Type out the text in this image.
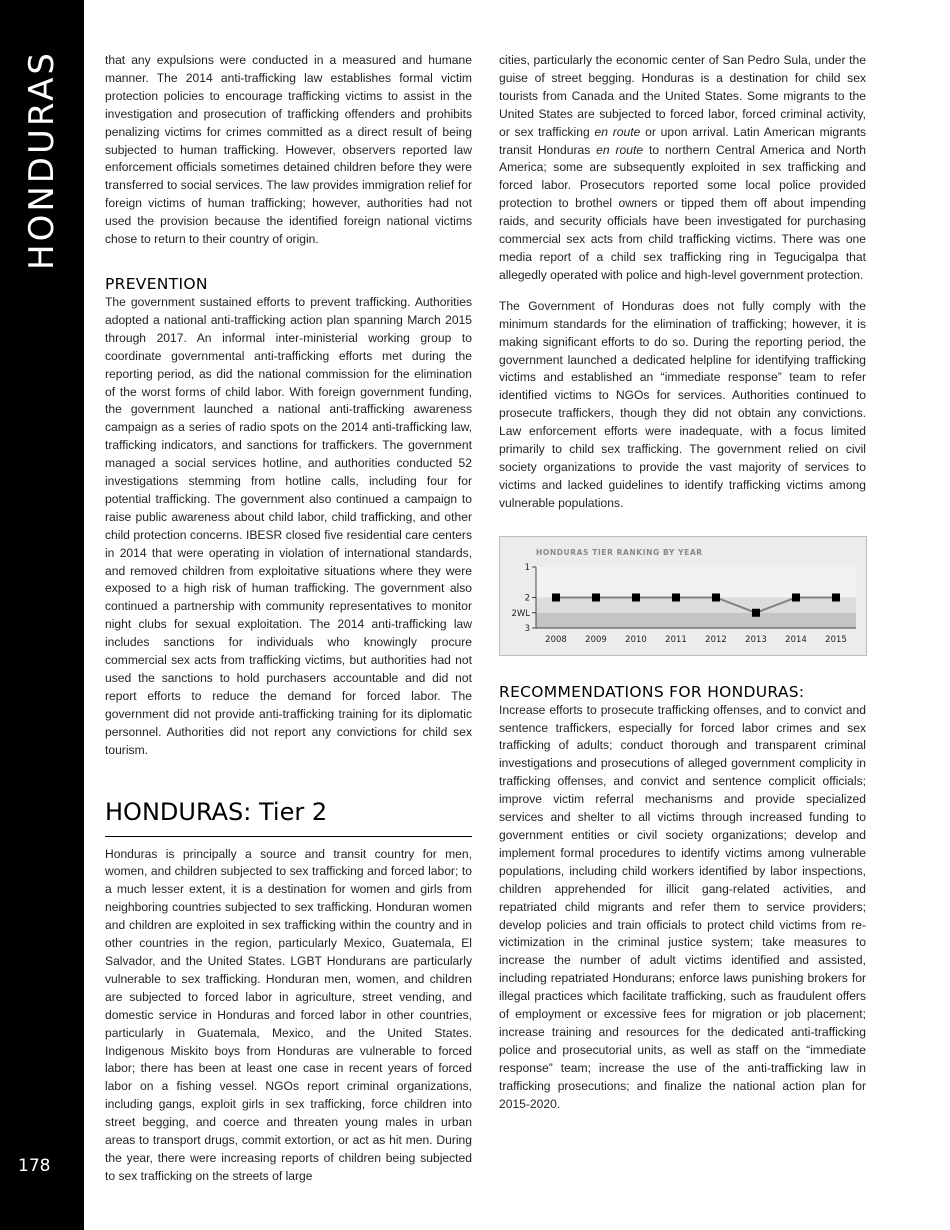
HONDURAS
178

that any expulsions were conducted in a measured and humane manner. The 2014 anti-trafficking law establishes formal victim protection policies to encourage trafficking victims to assist in the investigation and prosecution of trafficking offenders and prohibits penalizing victims for crimes committed as a direct result of being subjected to human trafficking. However, observers reported law enforcement officials sometimes detained children before they were transferred to social services. The law provides immigration relief for foreign victims of human trafficking; however, authorities had not used the provision because the identified foreign national victims chose to return to their country of origin.

PREVENTION

The government sustained efforts to prevent trafficking. Authorities adopted a national anti-trafficking action plan spanning March 2015 through 2017. An informal inter-ministerial working group to coordinate governmental anti-trafficking efforts met during the reporting period, as did the national commission for the elimination of the worst forms of child labor. With foreign government funding, the government launched a national anti-trafficking awareness campaign as a series of radio spots on the 2014 anti-trafficking law, trafficking indicators, and sanctions for traffickers. The government managed a social services hotline, and authorities conducted 52 investigations stemming from hotline calls, including four for potential trafficking. The government also continued a campaign to raise public awareness about child labor, child trafficking, and other child protection concerns. IBESR closed five residential care centers in 2014 that were operating in violation of international standards, and removed children from exploitative situations where they were exposed to a high risk of human trafficking. The government also continued a partnership with community representatives to monitor night clubs for sexual exploitation. The 2014 anti-trafficking law includes sanctions for individuals who knowingly procure commercial sex acts from trafficking victims, but authorities had not used the sanctions to hold purchasers accountable and did not report efforts to reduce the demand for forced labor. The government did not provide anti-trafficking training for its diplomatic personnel. Authorities did not report any convictions for child sex tourism.

HONDURAS: Tier 2

Honduras is principally a source and transit country for men, women, and children subjected to sex trafficking and forced labor; to a much lesser extent, it is a destination for women and girls from neighboring countries subjected to sex trafficking. Honduran women and children are exploited in sex trafficking within the country and in other countries in the region, particularly Mexico, Guatemala, El Salvador, and the United States. LGBT Hondurans are particularly vulnerable to sex trafficking. Honduran men, women, and children are subjected to forced labor in agriculture, street vending, and domestic service in Honduras and forced labor in other countries, particularly in Guatemala, Mexico, and the United States. Indigenous Miskito boys from Honduras are vulnerable to forced labor; there has been at least one case in recent years of forced labor on a fishing vessel. NGOs report criminal organizations, including gangs, exploit girls in sex trafficking, force children into street begging, and coerce and threaten young males in urban areas to transport drugs, commit extortion, or act as hit men. During the year, there were increasing reports of children being subjected to sex trafficking on the streets of large

cities, particularly the economic center of San Pedro Sula, under the guise of street begging. Honduras is a destination for child sex tourists from Canada and the United States. Some migrants to the United States are subjected to forced labor, forced criminal activity, or sex trafficking en route or upon arrival. Latin American migrants transit Honduras en route to northern Central America and North America; some are subsequently exploited in sex trafficking and forced labor. Prosecutors reported some local police provided protection to brothel owners or tipped them off about impending raids, and security officials have been investigated for purchasing commercial sex acts from child trafficking victims. There was one media report of a child sex trafficking ring in Tegucigalpa that allegedly operated with police and high-level government protection.

The Government of Honduras does not fully comply with the minimum standards for the elimination of trafficking; however, it is making significant efforts to do so. During the reporting period, the government launched a dedicated helpline for identifying trafficking victims and established an “immediate response” team to refer identified victims to NGOs for services. Authorities continued to prosecute traffickers, though they did not obtain any convictions. Law enforcement efforts were inadequate, with a focus limited primarily to child sex trafficking. The government relied on civil society organizations to provide the vast majority of services to victims and lacked guidelines to identify trafficking victims among vulnerable populations.

HONDURAS TIER RANKING BY YEAR
1
2
2WL
3
2008 2009 2010 2011 2012 2013 2014 2015
RECOMMENDATIONS FOR HONDURAS:

Increase efforts to prosecute trafficking offenses, and to convict and sentence traffickers, especially for forced labor crimes and sex trafficking of adults; conduct thorough and transparent criminal investigations and prosecutions of alleged government complicity in trafficking offenses, and convict and sentence complicit officials; improve victim referral mechanisms and provide specialized services and shelter to all victims through increased funding to government entities or civil society organizations; develop and implement formal procedures to identify victims among vulnerable populations, including child workers identified by labor inspections, children apprehended for illicit gang-related activities, and repatriated child migrants and refer them to service providers; develop policies and train officials to protect child victims from re-victimization in the criminal justice system; take measures to increase the number of adult victims identified and assisted, including repatriated Hondurans; enforce laws punishing brokers for illegal practices which facilitate trafficking, such as fraudulent offers of employment or excessive fees for migration or job placement; increase training and resources for the dedicated anti-trafficking police and prosecutorial units, as well as staff on the “immediate response” team; increase the use of the anti-trafficking law in trafficking prosecutions; and finalize the national action plan for 2015-2020.
